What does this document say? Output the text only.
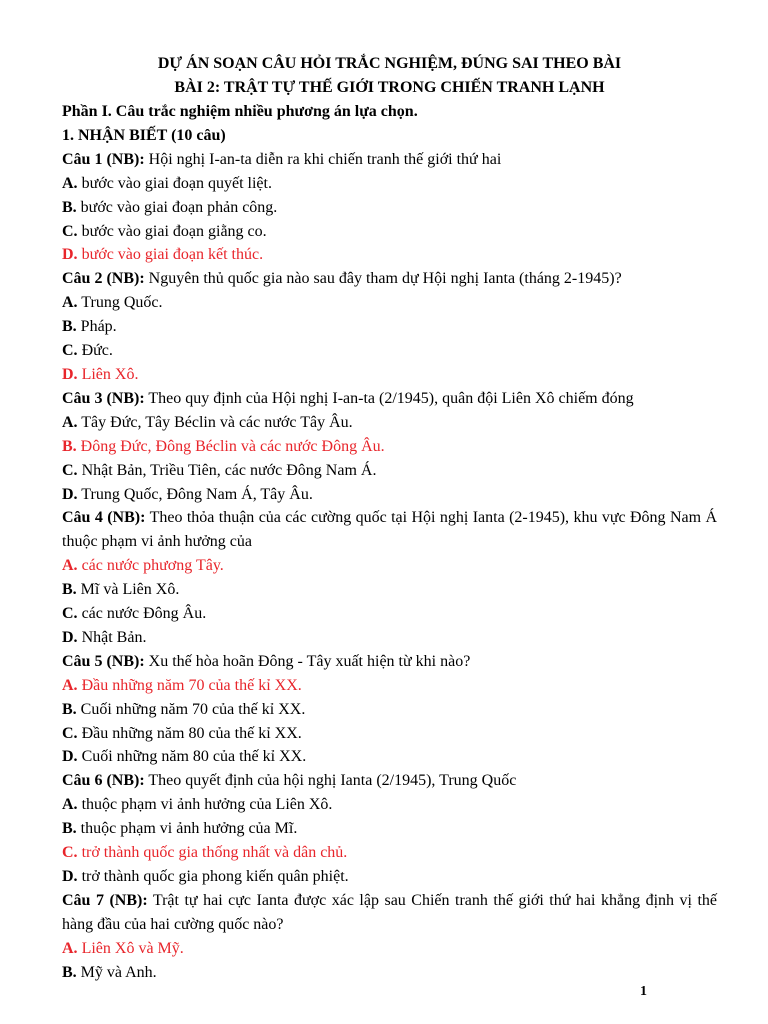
DỰ ÁN SOẠN CÂU HỎI TRẮC NGHIỆM, ĐÚNG SAI THEO BÀI
BÀI 2: TRẬT TỰ THẾ GIỚI TRONG CHIẾN TRANH LẠNH
Phần I. Câu trắc nghiệm nhiều phương án lựa chọn.
1. NHẬN BIẾT (10 câu)
Câu 1 (NB): Hội nghị I-an-ta diễn ra khi chiến tranh thế giới thứ hai
A. bước vào giai đoạn quyết liệt.
B. bước vào giai đoạn phản công.
C. bước vào giai đoạn giằng co.
D. bước vào giai đoạn kết thúc.
Câu 2 (NB): Nguyên thủ quốc gia nào sau đây tham dự Hội nghị Ianta (tháng 2-1945)?
A. Trung Quốc.
B. Pháp.
C. Đức.
D. Liên Xô.
Câu 3 (NB): Theo quy định của Hội nghị I-an-ta (2/1945), quân đội Liên Xô chiếm đóng
A. Tây Đức, Tây Béclin và các nước Tây Âu.
B. Đông Đức, Đông Béclin và các nước Đông Âu.
C. Nhật Bản, Triều Tiên, các nước Đông Nam Á.
D. Trung Quốc, Đông Nam Á, Tây Âu.
Câu 4 (NB): Theo thỏa thuận của các cường quốc tại Hội nghị Ianta (2-1945), khu vực Đông Nam Á thuộc phạm vi ảnh hưởng của
A. các nước phương Tây.
B. Mĩ và Liên Xô.
C. các nước Đông Âu.
D. Nhật Bản.
Câu 5 (NB): Xu thế hòa hoãn Đông - Tây xuất hiện từ khi nào?
A. Đầu những năm 70 của thế kỉ XX.
B. Cuối những năm 70 của thế kỉ XX.
C. Đầu những năm 80 của thế kỉ XX.
D. Cuối những năm 80 của thế kỉ XX.
Câu 6 (NB): Theo quyết định của hội nghị Ianta (2/1945), Trung Quốc
A. thuộc phạm vi ảnh hưởng của Liên Xô.
B. thuộc phạm vi ảnh hưởng của Mĩ.
C. trở thành quốc gia thống nhất và dân chủ.
D. trở thành quốc gia phong kiến quân phiệt.
Câu 7 (NB): Trật tự hai cực Ianta được xác lập sau Chiến tranh thế giới thứ hai khẳng định vị thế hàng đầu của hai cường quốc nào?
A. Liên Xô và Mỹ.
B. Mỹ và Anh.
1
